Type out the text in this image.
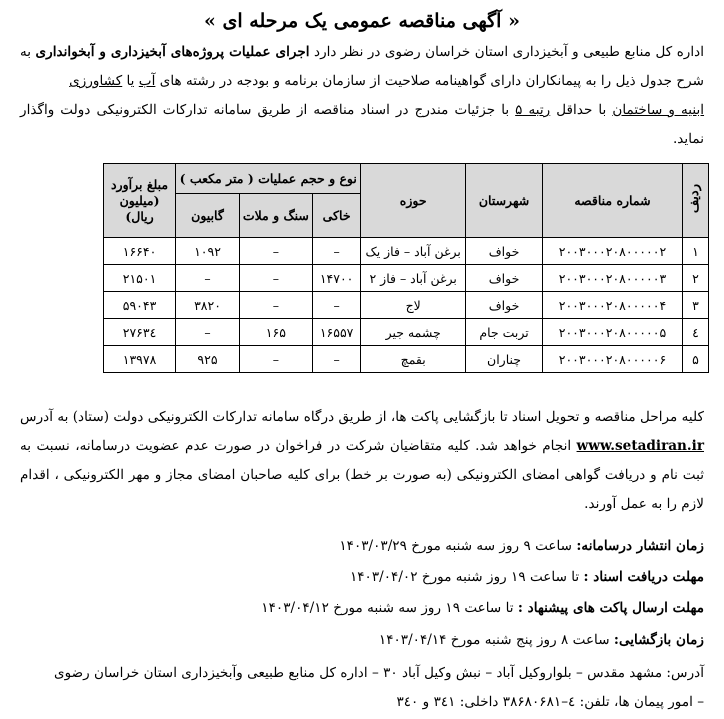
« آگهی مناقصه عمومی یک مرحله ای »
اداره کل منابع طبیعی و آبخیزداری استان خراسان رضوی در نظر دارد اجرای عملیات پروژه‌های آبخیزداری و آبخوانداری به شرح جدول ذیل را به پیمانکاران دارای گواهینامه صلاحیت از سازمان برنامه و بودجه در رشته های آب یا کشاورزی
ابنیه و ساختمان با حداقل رتبه ۵ با جزئیات مندرج در اسناد مناقصه از طریق سامانه تدارکات الکترونیکی دولت واگذار نماید.
ردیف	شماره مناقصه	شهرستان	حوزه	نوع و حجم عملیات ( متر مکعب )			مبلغ برآورد (میلیون ریال)
				خاکی	سنگ و ملات	گابیون	
۱	۲۰۰۳۰۰۰۲۰۸۰۰۰۰۰۲	خواف	برغن آباد – فاز یک	–	–	۱۰۹۲	۱۶۶۴۰
۲	۲۰۰۳۰۰۰۲۰۸۰۰۰۰۰۳	خواف	برغن آباد – فاز ۲	۱۴۷۰۰	–	–	۲۱۵۰۱
۳	۲۰۰۳۰۰۰۲۰۸۰۰۰۰۰۴	خواف	لاج	–	–	۳۸۲۰	۵۹۰۴۳
٤	۲۰۰۳۰۰۰۲۰۸۰۰۰۰۰۵	تربت جام	چشمه جیر	۱۶۵۵۷	۱۶۵	–	۲۷۶۳٤
۵	۲۰۰۳۰۰۰۲۰۸۰۰۰۰۰۶	چناران	بقمچ	–	–	۹۲۵	۱۳۹۷۸
کلیه مراحل مناقصه و تحویل اسناد تا بازگشایی پاکت ها، از طریق درگاه سامانه تدارکات الکترونیکی دولت (ستاد) به آدرس www.setadiran.ir انجام خواهد شد. کلیه متقاضیان شرکت در فراخوان در صورت عدم عضویت درسامانه، نسبت به ثبت نام و دریافت گواهی امضای الکترونیکی (به صورت بر خط) برای کلیه صاحبان امضای مجاز و مهر الکترونیکی ، اقدام لازم را به عمل آورند.
زمان انتشار درسامانه: ساعت ۹ روز سه شنبه مورخ ۱۴۰۳/۰۳/۲۹
مهلت دریافت اسناد : تا ساعت ۱۹ روز شنبه مورخ ۱۴۰۳/۰۴/۰۲
مهلت ارسال پاکت های پیشنهاد : تا ساعت ۱۹ روز سه شنبه مورخ ۱۴۰۳/۰۴/۱۲
زمان بازگشایی: ساعت ۸ روز پنج شنبه مورخ ۱۴۰۳/۰۴/۱۴
آدرس: مشهد مقدس – بلواروکیل آباد – نبش وکیل آباد ۳۰ – اداره کل منابع طبیعی وآبخیزداری استان خراسان رضوی
– امور پیمان ها، تلفن: ٤–۳۸۶۸۰۶۸۱ داخلی: ۳٤۱ و ۳٤۰
